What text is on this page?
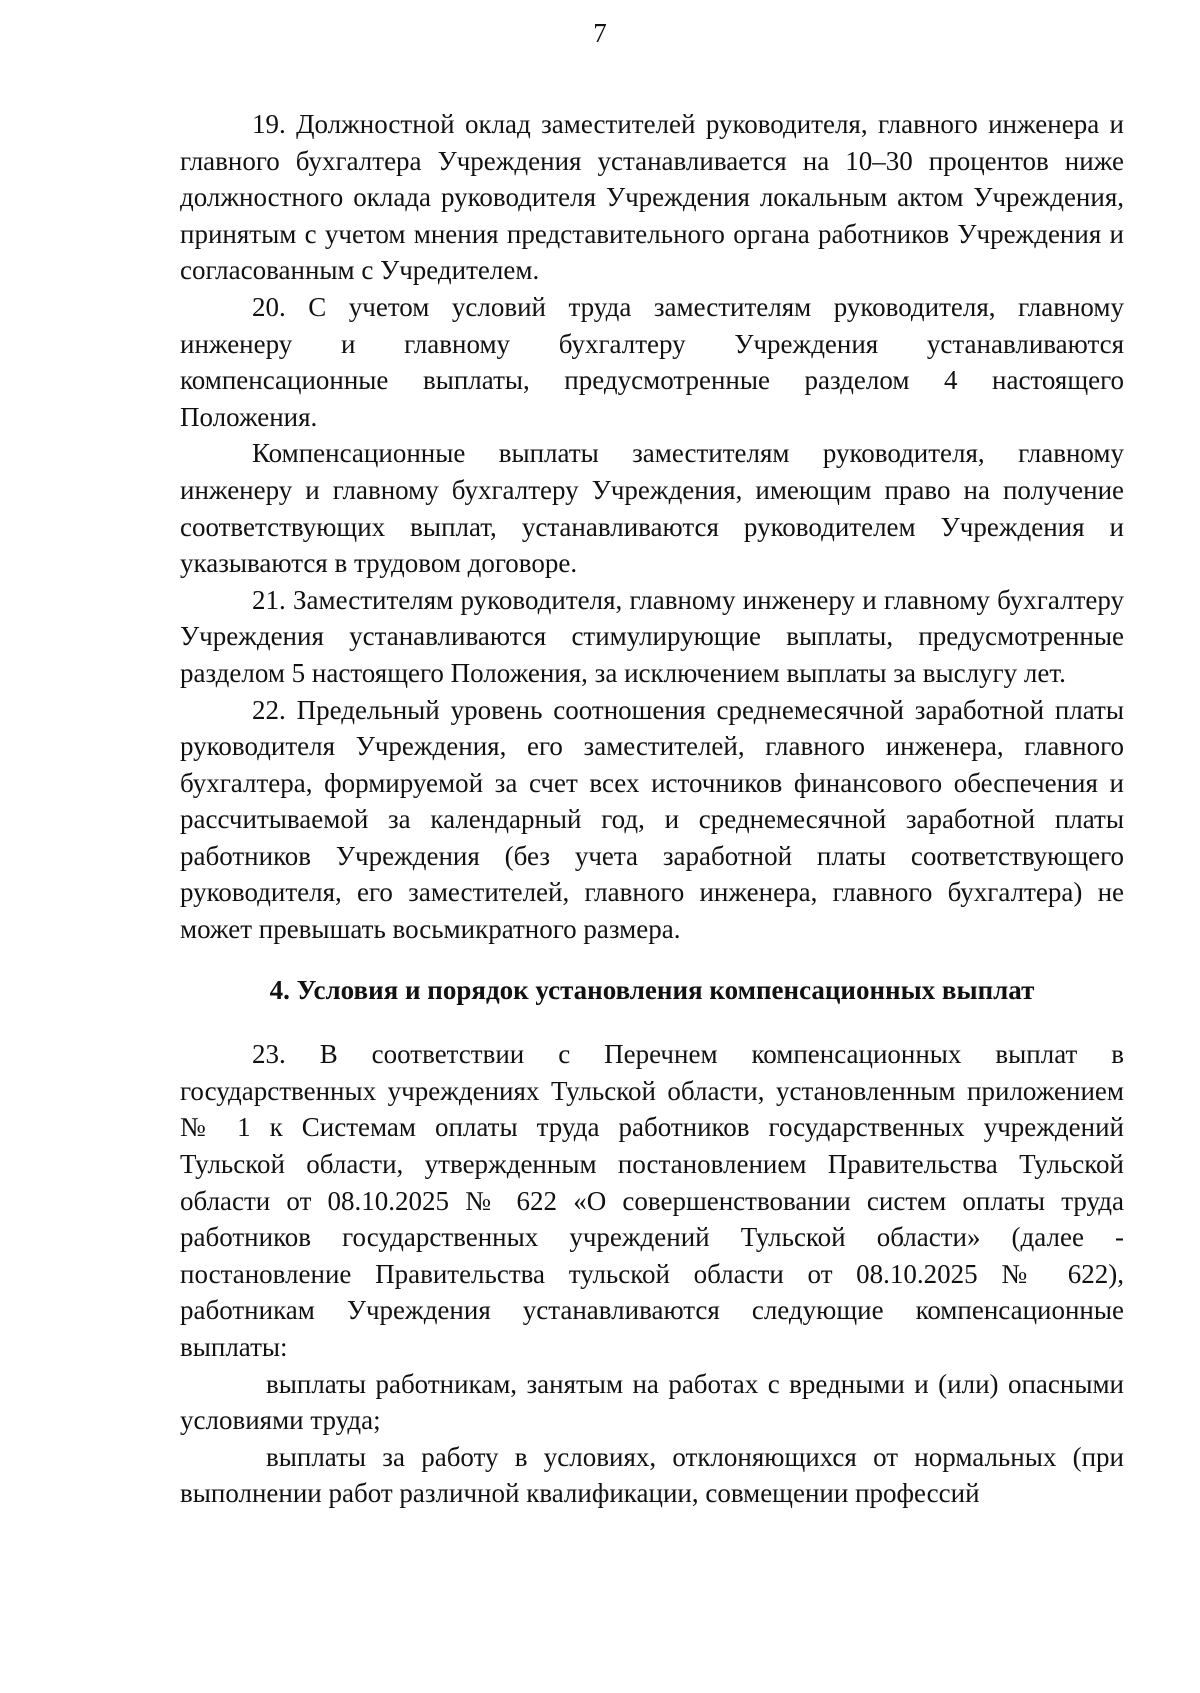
7

19. Должностной оклад заместителей руководителя, главного инженера и главного бухгалтера Учреждения устанавливается на 10–30 процентов ниже должностного оклада руководителя Учреждения локальным актом Учреждения, принятым с учетом мнения представительного органа работников Учреждения и согласованным с Учредителем.

20. С учетом условий труда заместителям руководителя, главному инженеру и главному бухгалтеру Учреждения устанавливаются компенсационные выплаты, предусмотренные разделом 4 настоящего Положения.

Компенсационные выплаты заместителям руководителя, главному инженеру и главному бухгалтеру Учреждения, имеющим право на получение соответствующих выплат, устанавливаются руководителем Учреждения и указываются в трудовом договоре.

21. Заместителям руководителя, главному инженеру и главному бухгалтеру Учреждения устанавливаются стимулирующие выплаты, предусмотренные разделом 5 настоящего Положения, за исключением выплаты за выслугу лет.

22. Предельный уровень соотношения среднемесячной заработной платы руководителя Учреждения, его заместителей, главного инженера, главного бухгалтера, формируемой за счет всех источников финансового обеспечения и рассчитываемой за календарный год, и среднемесячной заработной платы работников Учреждения (без учета заработной платы соответствующего руководителя, его заместителей, главного инженера, главного бухгалтера) не может превышать восьмикратного размера.

4. Условия и порядок установления компенсационных выплат

23. В соответствии с Перечнем компенсационных выплат в государственных учреждениях Тульской области, установленным приложением № 1 к Системам оплаты труда работников государственных учреждений Тульской области, утвержденным постановлением Правительства Тульской области от 08.10.2025 № 622 «О совершенствовании систем оплаты труда работников государственных учреждений Тульской области» (далее - постановление Правительства тульской области от 08.10.2025 № 622), работникам Учреждения устанавливаются следующие компенсационные выплаты:

выплаты работникам, занятым на работах с вредными и (или) опасными условиями труда;

выплаты за работу в условиях, отклоняющихся от нормальных (при выполнении работ различной квалификации, совмещении профессий
